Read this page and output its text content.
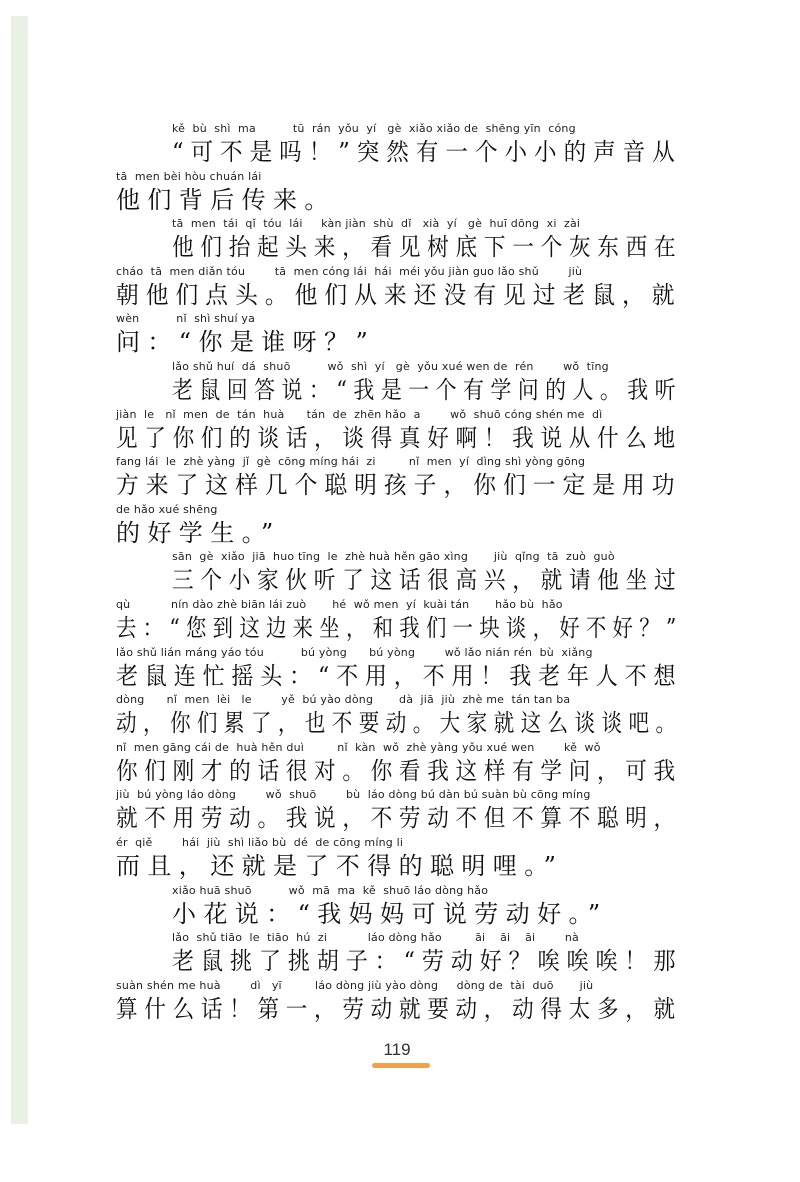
kě  bù  shì  ma          tū  rán  yǒu  yí   gè  xiǎo xiǎo de  shēng yīn  cóng
“可不是吗！”突然有一个小小的声音从
tā  men bèi hòu chuán lái
他们背后传来。
tā  men  tái  qǐ  tóu  lái     kàn jiàn  shù  dǐ   xià  yí   gè  huī dōng  xi  zài
他们抬起头来，看见树底下一个灰东西在
cháo  tā  men diǎn tóu        tā  men cóng lái  hái  méi yǒu jiàn guo lǎo shǔ        jiù
朝他们点头。他们从来还没有见过老鼠，就
wèn          nǐ  shì shuí ya
问：“你是谁呀？”
lǎo shǔ huí  dá  shuō          wǒ  shì  yí   gè  yǒu xué wen de  rén        wǒ  tīng
老鼠回答说：“我是一个有学问的人。我听
jiàn  le   nǐ  men  de  tán  huà      tán  de  zhēn hǎo  a        wǒ  shuō cóng shén me  dì
见了你们的谈话，谈得真好啊！我说从什么地
fang lái  le  zhè yàng  jǐ  gè  cōng míng hái  zi         nǐ  men  yí  dìng shì yòng gōng
方来了这样几个聪明孩子，你们一定是用功
de hǎo xué shēng
的好学生。”
sān  gè  xiǎo  jiā  huo tīng  le  zhè huà hěn gāo xìng       jiù  qǐng  tā  zuò  guò
三个小家伙听了这话很高兴，就请他坐过
qù           nín dào zhè biān lái zuò       hé  wǒ men  yí  kuài tán       hǎo bù  hǎo
去：“您到这边来坐，和我们一块谈，好不好？”
lǎo shǔ lián máng yáo tóu          bú yòng      bú yòng        wǒ lǎo nián rén  bù  xiǎng
老鼠连忙摇头：“不用，不用！我老年人不想
dòng      nǐ  men  lèi   le        yě  bú yào dòng       dà  jiā  jiù  zhè me  tán tan ba
动，你们累了，也不要动。大家就这么谈谈吧。
nǐ  men gāng cái de  huà hěn duì         nǐ  kàn  wǒ  zhè yàng yǒu xué wen        kě  wǒ
你们刚才的话很对。你看我这样有学问，可我
jiù  bú yòng láo dòng        wǒ  shuō        bù  láo dòng bú dàn bú suàn bù cōng míng
就不用劳动。我说，不劳动不但不算不聪明，
ér  qiě        hái  jiù  shì liǎo bù  dé  de cōng míng li
而且，还就是了不得的聪明哩。”
xiǎo huā shuō          wǒ  mā  ma  kě  shuō láo dòng hǎo
小花说：“我妈妈可说劳动好。”
lǎo  shǔ tiāo  le  tiāo  hú  zi           láo dòng hǎo         āi    āi    āi        nà
老鼠挑了挑胡子：“劳动好？唉唉唉！那
suàn shén me huà        dì   yī         láo dòng jiù yào dòng     dòng de  tài  duō       jiù
算什么话！第一，劳动就要动，动得太多，就
119
